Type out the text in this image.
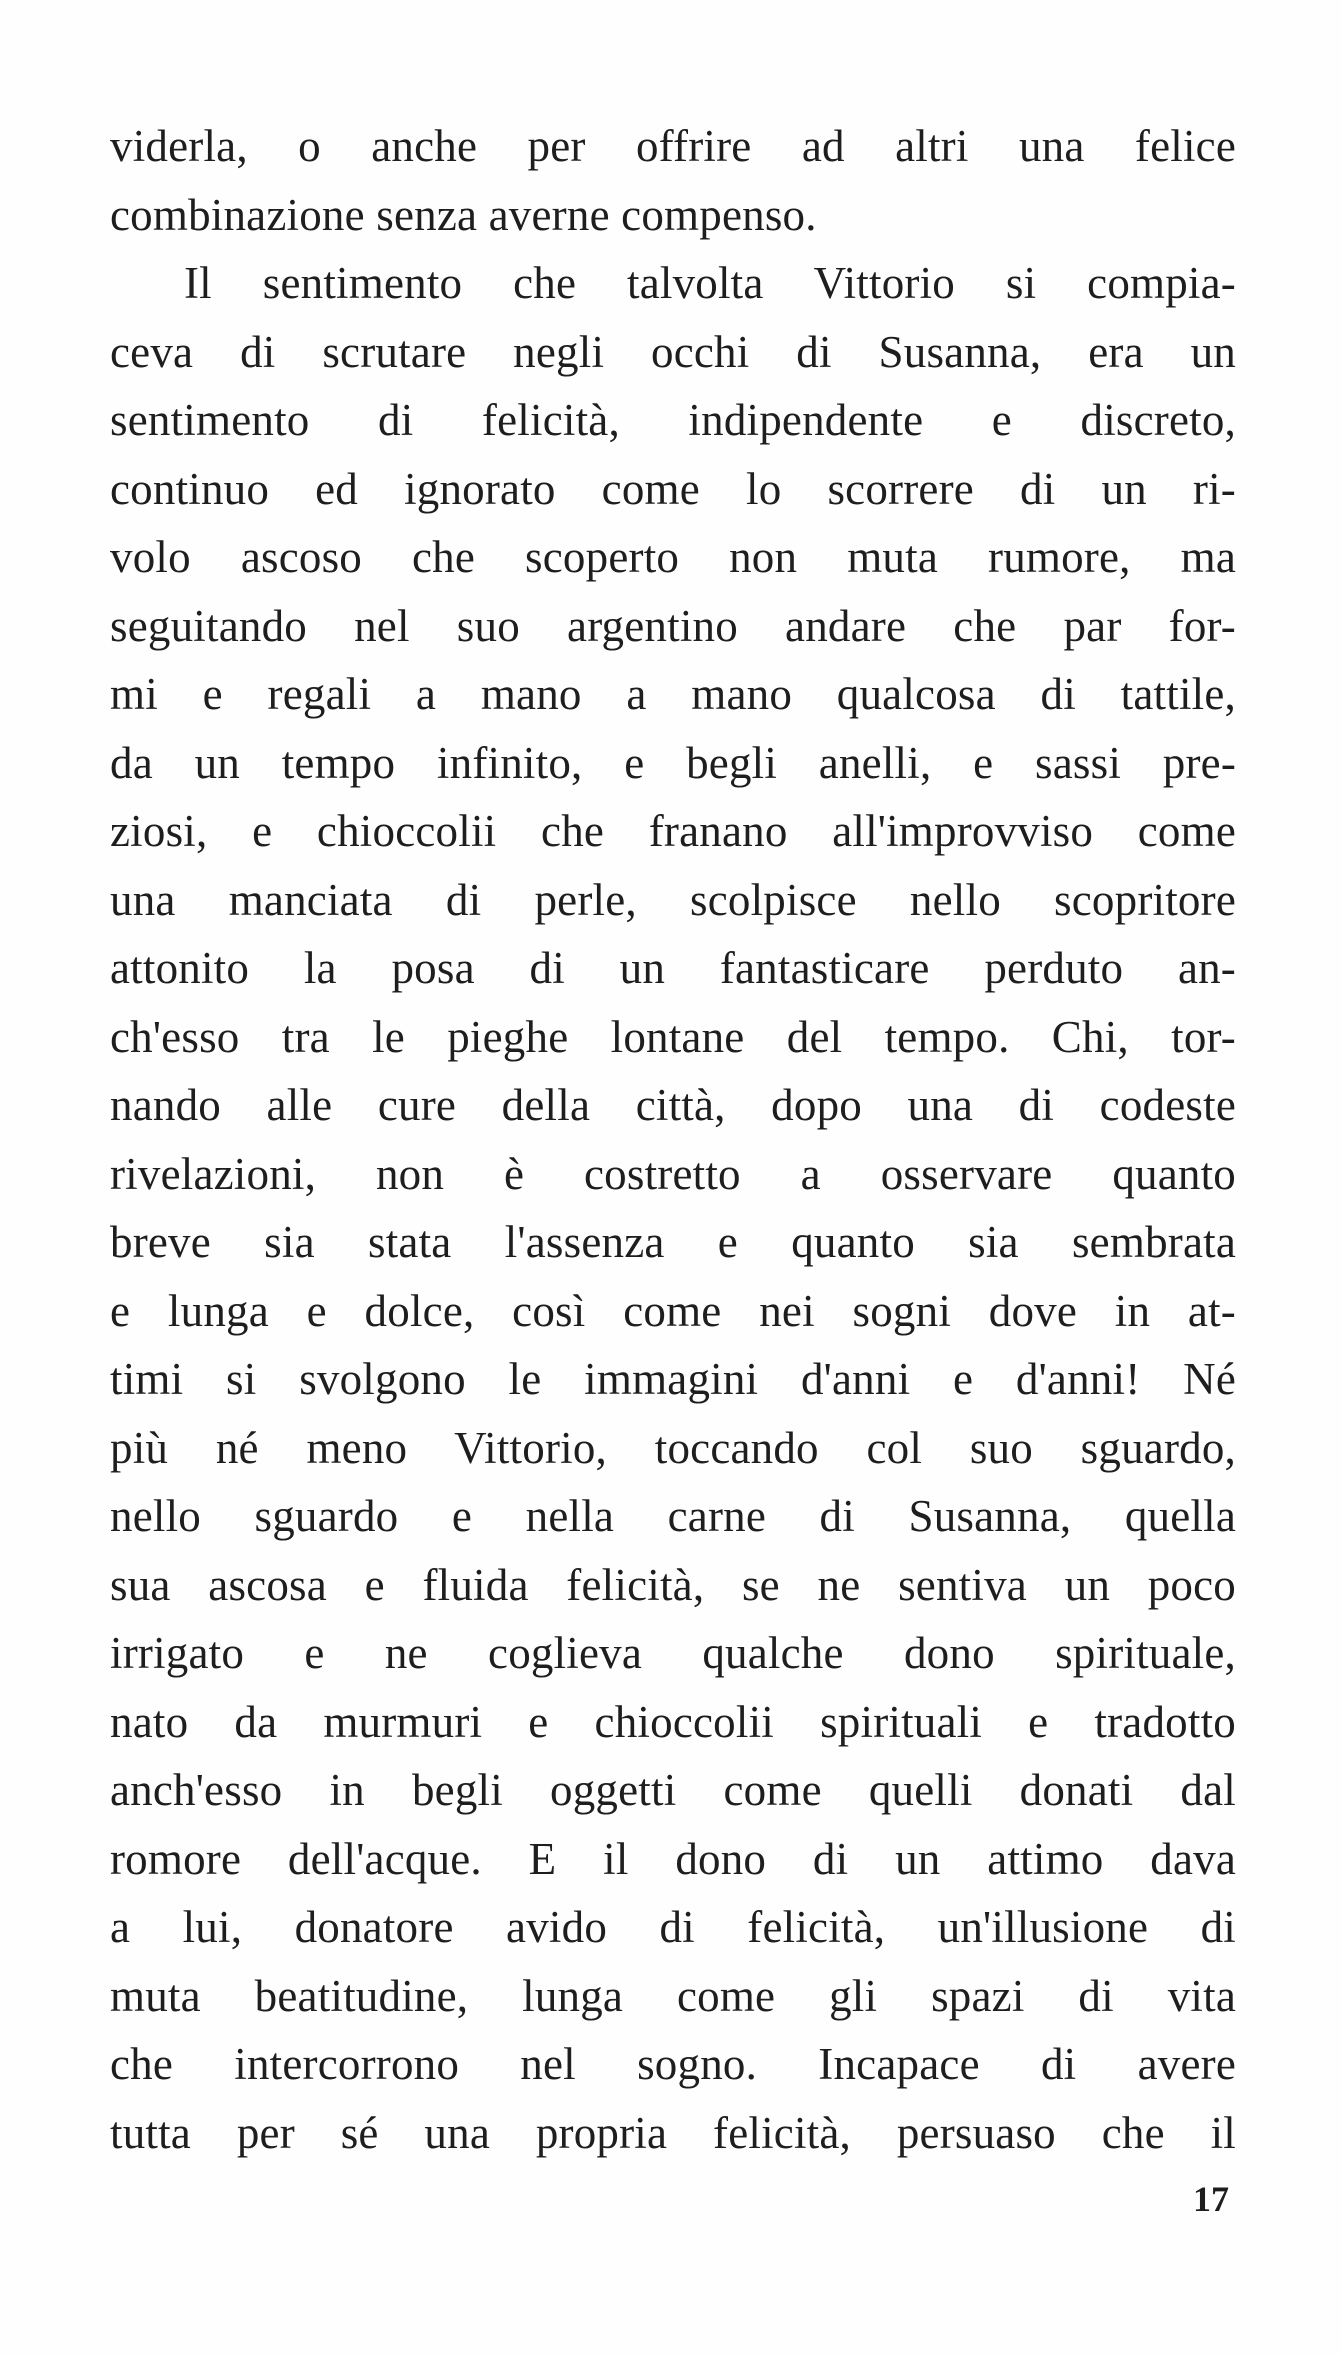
viderla, o anche per offrire ad altri una felice
combinazione senza averne compenso.
Il sentimento che talvolta Vittorio si compia-
ceva di scrutare negli occhi di Susanna, era un
sentimento di felicità, indipendente e discreto,
continuo ed ignorato come lo scorrere di un ri-
volo ascoso che scoperto non muta rumore, ma
seguitando nel suo argentino andare che par for-
mi e regali a mano a mano qualcosa di tattile,
da un tempo infinito, e begli anelli, e sassi pre-
ziosi, e chioccolii che franano all'improvviso come
una manciata di perle, scolpisce nello scopritore
attonito la posa di un fantasticare perduto an-
ch'esso tra le pieghe lontane del tempo. Chi, tor-
nando alle cure della città, dopo una di codeste
rivelazioni, non è costretto a osservare quanto
breve sia stata l'assenza e quanto sia sembrata
e lunga e dolce, così come nei sogni dove in at-
timi si svolgono le immagini d'anni e d'anni! Né
più né meno Vittorio, toccando col suo sguardo,
nello sguardo e nella carne di Susanna, quella
sua ascosa e fluida felicità, se ne sentiva un poco
irrigato e ne coglieva qualche dono spirituale,
nato da murmuri e chioccolii spirituali e tradotto
anch'esso in begli oggetti come quelli donati dal
romore dell'acque. E il dono di un attimo dava
a lui, donatore avido di felicità, un'illusione di
muta beatitudine, lunga come gli spazi di vita
che intercorrono nel sogno. Incapace di avere
tutta per sé una propria felicità, persuaso che il
17
